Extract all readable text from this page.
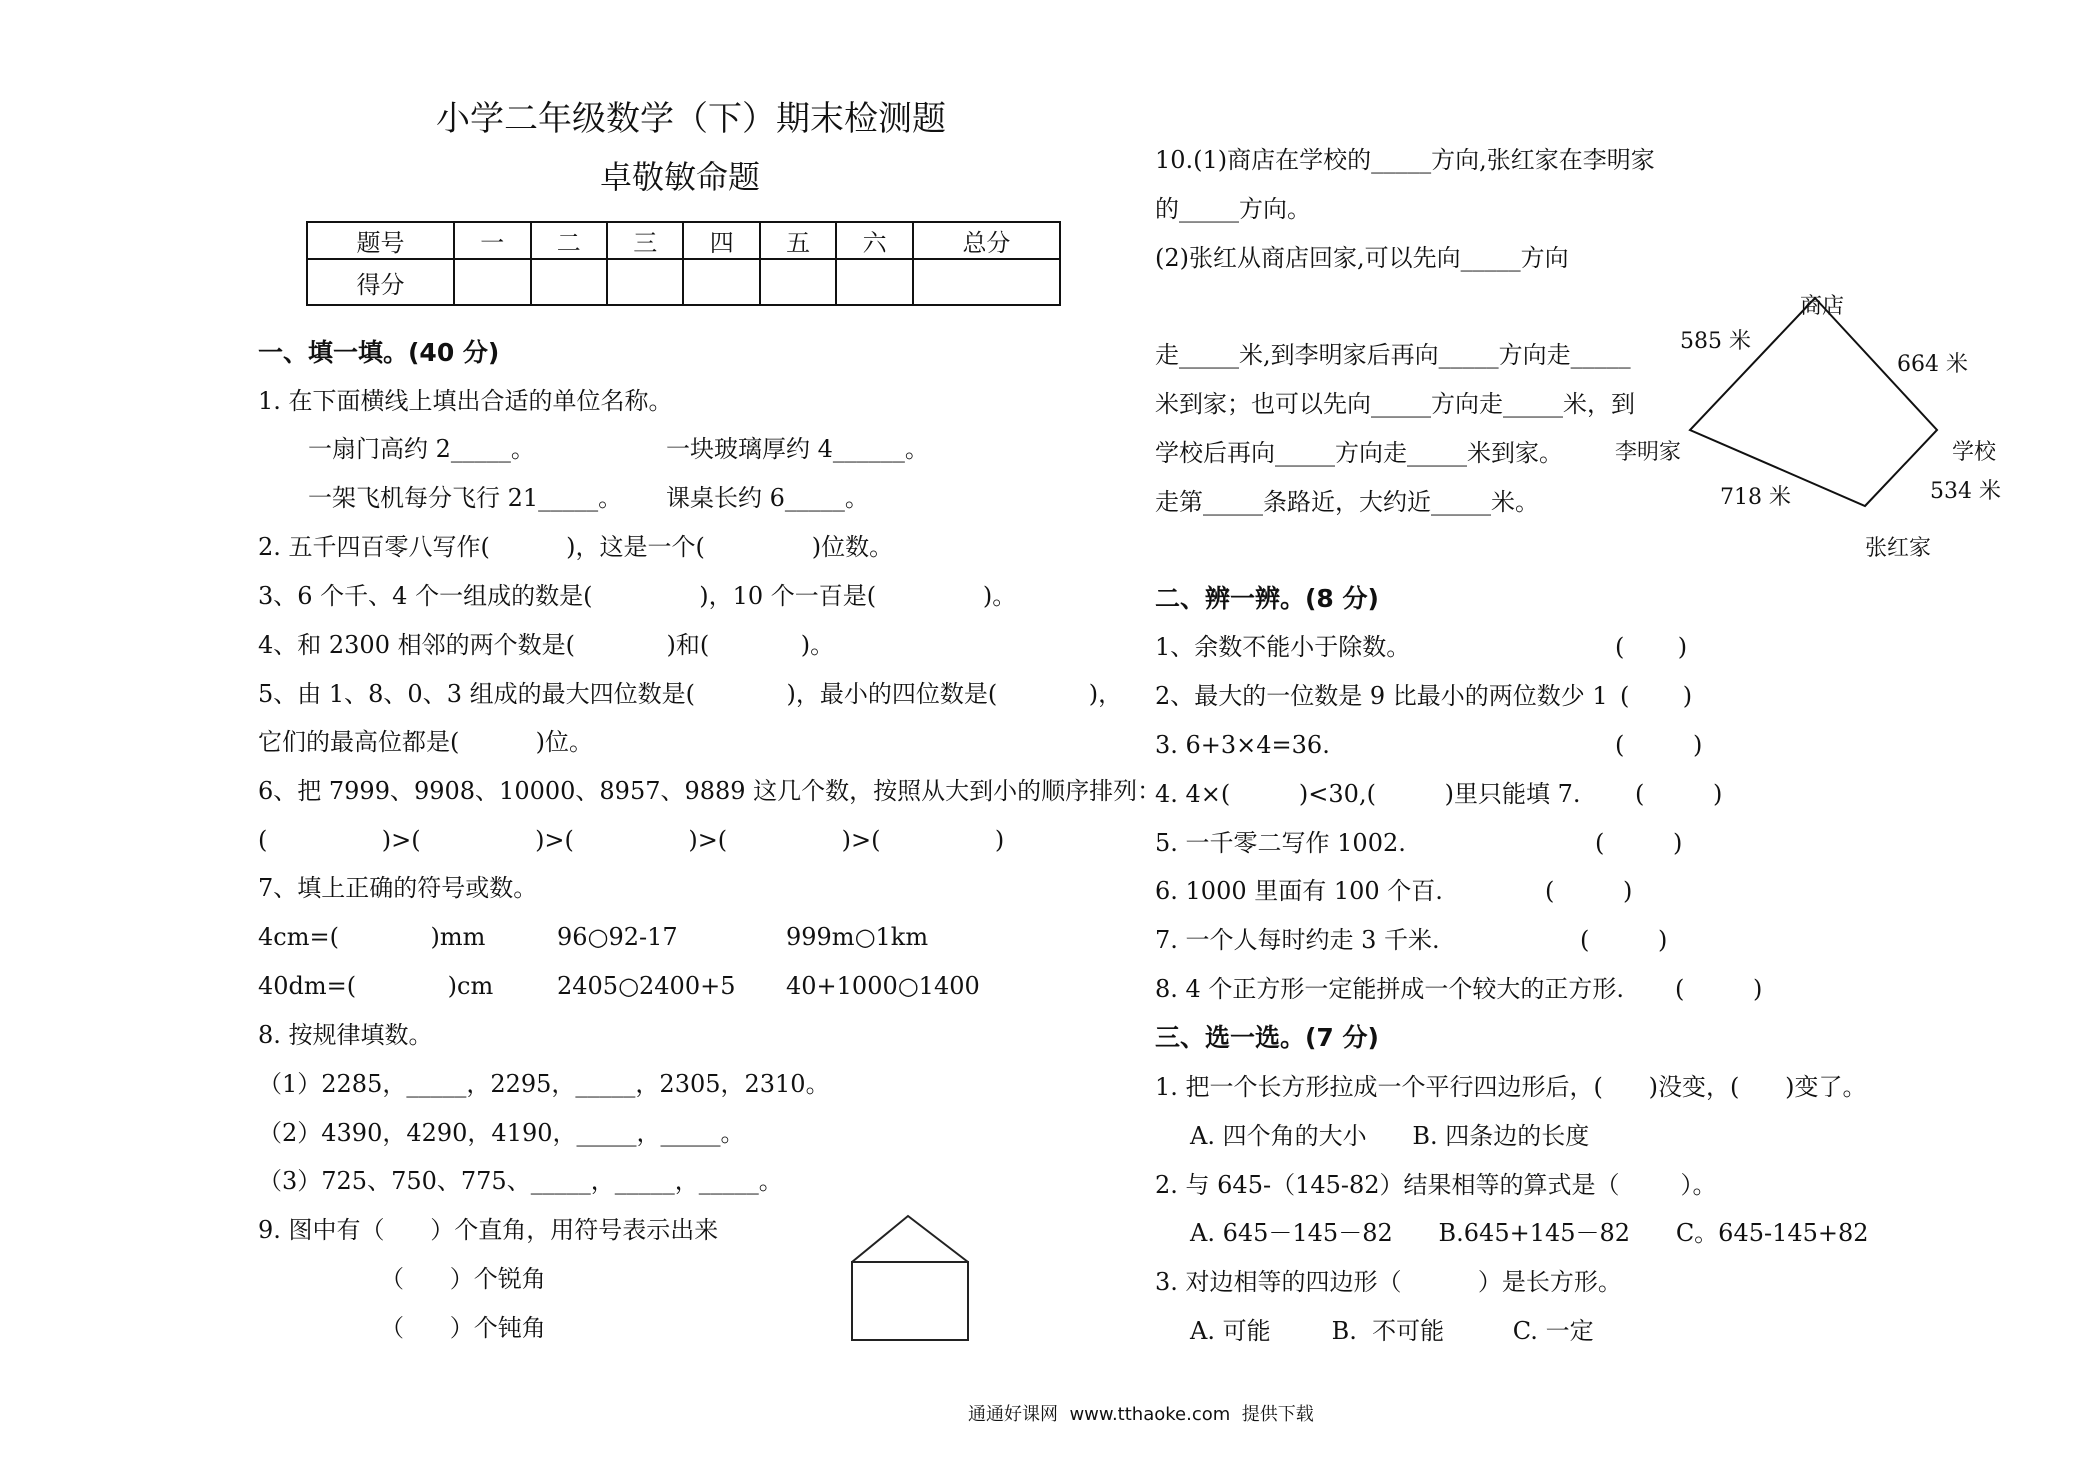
小学二年级数学（下）期末检测题
卓敬敏命题
题号	一	二	三	四	五	六	总分
得分							
一、填一填。(40 分)
1. 在下面横线上填出合适的单位名称。
一扇门高约 2_____。	一块玻璃厚约 4______。
一架飞机每分飞行 21_____。 课桌长约 6_____。
2. 五千四百零八写作(          )，这是一个(              )位数。
3、6 个千、4 个一组成的数是(              )，10 个一百是(              )。
4、和 2300 相邻的两个数是(            )和(            )。
5、由 1、8、0、3 组成的最大四位数是(            )，最小的四位数是(            )，
它们的最高位都是(          )位。
6、把 7999、9908、10000、8957、9889 这几个数，按照从大到小的顺序排列：
(               )>(               )>(               )>(               )>(               )
7、填上正确的符号或数。
4cm=(            )mm	96○92-17	999m○1km
40dm=(            )cm	2405○2400+5 40+1000○1400
8. 按规律填数。
（1）2285，_____，2295，_____，2305，2310。
（2）4390，4290，4190，_____，_____。
（3）725、750、775、_____，_____，_____。
9. 图中有（      ）个直角，用符号表示出来
（      ）个锐角
（      ）个钝角
10.(1)商店在学校的_____方向,张红家在李明家
的_____方向。
(2)张红从商店回家,可以先向_____方向
走_____米,到李明家后再向_____方向走_____
米到家；也可以先向_____方向走_____米，到
学校后再向_____方向走_____米到家。
走第_____条路近，大约近_____米。
商店
学校
李明家
张红家
585 米
664 米
718 米	534 米
二、辨一辨。(8 分)
1、余数不能小于除数。	(       )
2、最大的一位数是 9 比最小的两位数少 1 (       )
3. 6+3×4=36.	(         )
4. 4×(         )<30,(         )里只能填 7. (         )
5. 一千零二写作 1002.	(         )
6. 1000 里面有 100 个百.	(         )
7. 一个人每时约走 3 千米.	(         )
8. 4 个正方形一定能拼成一个较大的正方形. (         )
三、选一选。(7 分)
1. 把一个长方形拉成一个平行四边形后，(      )没变，(      )变了。
A. 四个角的大小      B. 四条边的长度
2. 与 645-（145-82）结果相等的算式是（        ）。
A. 645－145－82      B.645+145－82      C。645-145+82
3. 对边相等的四边形（          ）是长方形。
A. 可能        B.  不可能         C. 一定
通通好课网  www.tthaoke.com  提供下载
